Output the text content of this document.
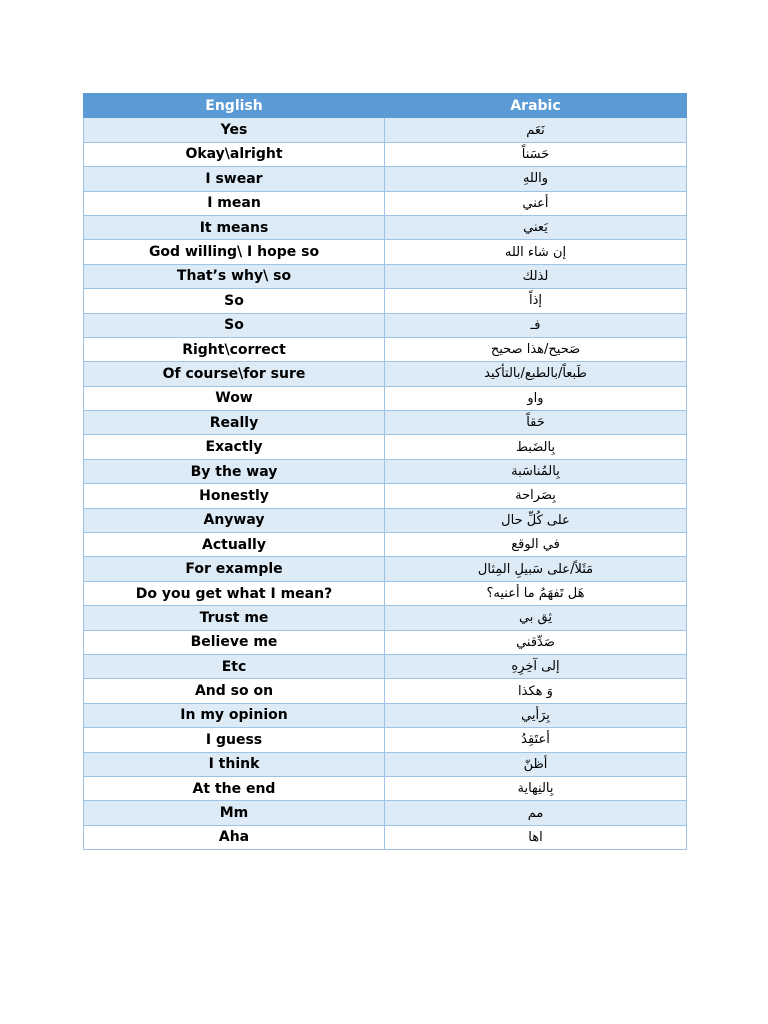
English	Arabic
Yes	نَعَم
Okay\alright	حَسَناً
I swear	واللهِ
I mean	أعني
It means	يَعني
God willing\ I hope so	إن شاء الله
That’s why\ so	لذلك
So	إذاً
So	فـ
Right\correct	صَحيح/هذا صحيح
Of course\for sure	طَبعاً/بالطبع/بالتأكيد
Wow	واو
Really	حَقاً
Exactly	بِالضَبط
By the way	بِالمُناسَبة
Honestly	بِصَراحة
Anyway	على كُلِّ حال
Actually	في الوقع
For example	مَثَلاً/على سَبيلِ المِثال
Do you get what I mean?	هَل تَفهَمُ ما أعنيه؟
Trust me	ثِق بي
Believe me	صَدِّقني
Etc	إلى آخِرِهِ
And so on	وَ هكذا
In my opinion	بِرَأيي
I guess	أعتَقِدُ
I think	أظنّ
At the end	بِالنِهاية
Mm	مم
Aha	اها
